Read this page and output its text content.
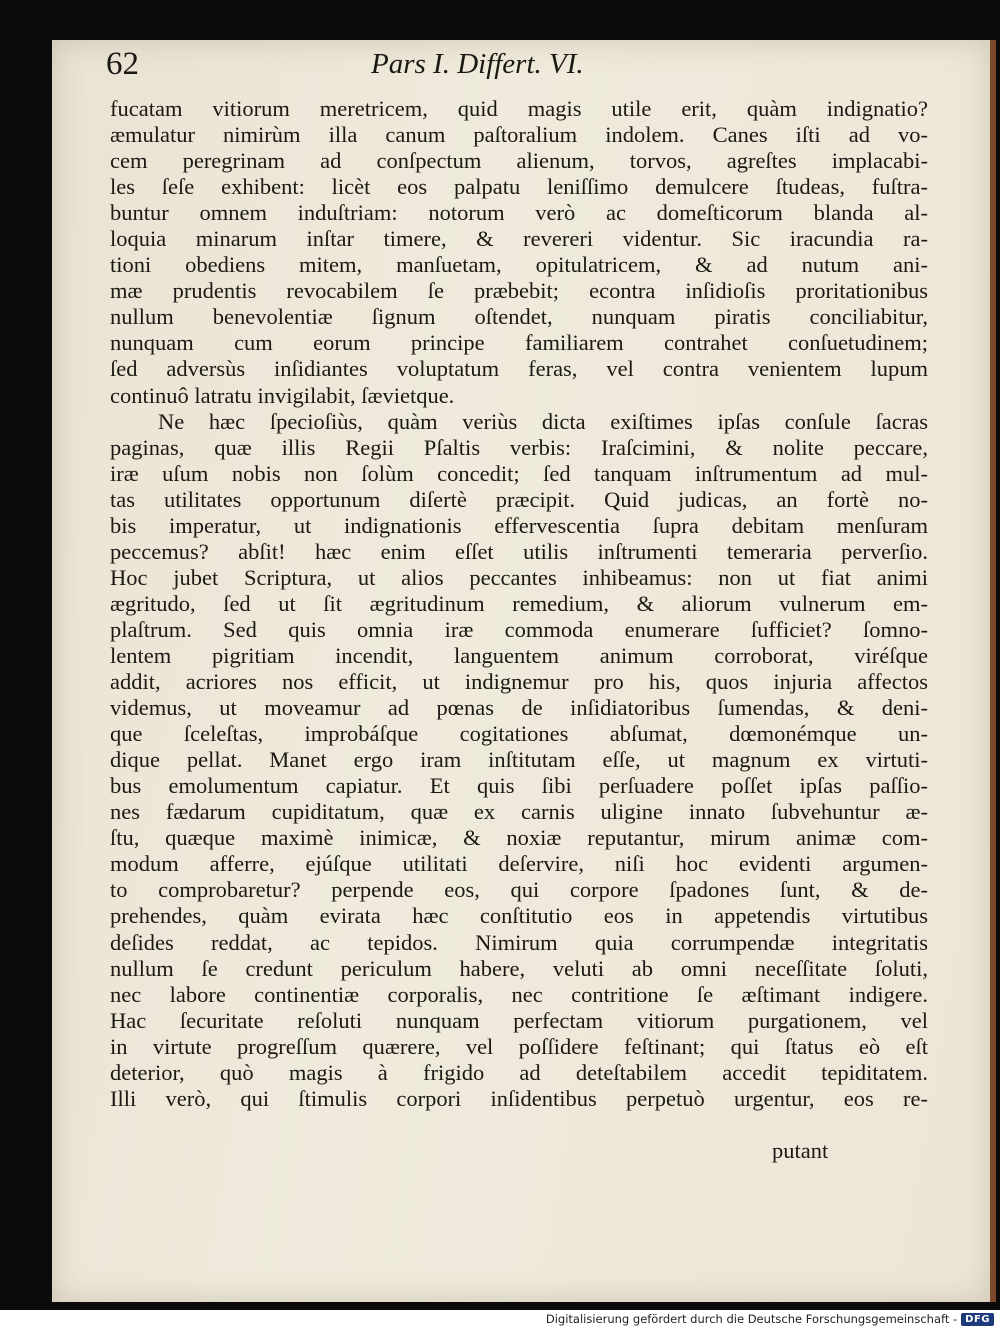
62	Pars I. Differt. VI.
fucatam vitiorum meretricem, quid magis utile erit, quàm indignatio?
æmulatur nimirùm illa canum paſtoralium indolem. Canes iſti ad vo-
cem peregrinam ad conſpectum alienum, torvos, agreſtes implacabi-
les ſeſe exhibent: licèt eos palpatu leniſſimo demulcere ſtudeas, fuſtra-
buntur omnem induſtriam: notorum verò ac domeſticorum blanda al-
loquia minarum inſtar timere, & revereri videntur. Sic iracundia ra-
tioni obediens mitem, manſuetam, opitulatricem, & ad nutum ani-
mæ prudentis revocabilem ſe præbebit; econtra inſidioſis proritationibus
nullum benevolentiæ ſignum oſtendet, nunquam piratis conciliabitur,
nunquam cum eorum principe familiarem contrahet conſuetudinem;
ſed adversùs inſidiantes voluptatum feras, vel contra venientem lupum
continuô latratu invigilabit, ſævietque.
Ne hæc ſpecioſiùs, quàm veriùs dicta exiſtimes ipſas conſule ſacras
paginas, quæ illis Regii Pſaltis verbis: Iraſcimini, & nolite peccare,
iræ uſum nobis non ſolùm concedit; ſed tanquam inſtrumentum ad mul-
tas utilitates opportunum diſertè præcipit. Quid judicas, an fortè no-
bis imperatur, ut indignationis effervescentia ſupra debitam menſuram
peccemus? abſit! hæc enim eſſet utilis inſtrumenti temeraria perverſio.
Hoc jubet Scriptura, ut alios peccantes inhibeamus: non ut fiat animi
ægritudo, ſed ut ſit ægritudinum remedium, & aliorum vulnerum em-
plaſtrum. Sed quis omnia iræ commoda enumerare ſufficiet? ſomno-
lentem pigritiam incendit, languentem animum corroborat, viréſque
addit, acriores nos efficit, ut indignemur pro his, quos injuria affectos
videmus, ut moveamur ad pœnas de inſidiatoribus ſumendas, & deni-
que ſceleſtas, improbáſque cogitationes abſumat, dœmonémque un-
dique pellat. Manet ergo iram inſtitutam eſſe, ut magnum ex virtuti-
bus emolumentum capiatur. Et quis ſibi perſuadere poſſet ipſas paſſio-
nes fædarum cupiditatum, quæ ex carnis uligine innato ſubvehuntur æ-
ſtu, quæque maximè inimicæ, & noxiæ reputantur, mirum animæ com-
modum afferre, ejúſque utilitati deſervire, niſi hoc evidenti argumen-
to comprobaretur? perpende eos, qui corpore ſpadones ſunt, & de-
prehendes, quàm evirata hæc conſtitutio eos in appetendis virtutibus
deſides reddat, ac tepidos. Nimirum quia corrumpendæ integritatis
nullum ſe credunt periculum habere, veluti ab omni neceſſitate ſoluti,
nec labore continentiæ corporalis, nec contritione ſe æſtimant indigere.
Hac ſecuritate reſoluti nunquam perfectam vitiorum purgationem, vel
in virtute progreſſum quærere, vel poſſidere feſtinant; qui ſtatus eò eſt
deterior, quò magis à frigido ad deteſtabilem accedit tepiditatem.
Illi verò, qui ſtimulis corpori inſidentibus perpetuò urgentur, eos re-
putant
Digitalisierung gefördert durch die Deutsche Forschungsgemeinschaft - DFG
